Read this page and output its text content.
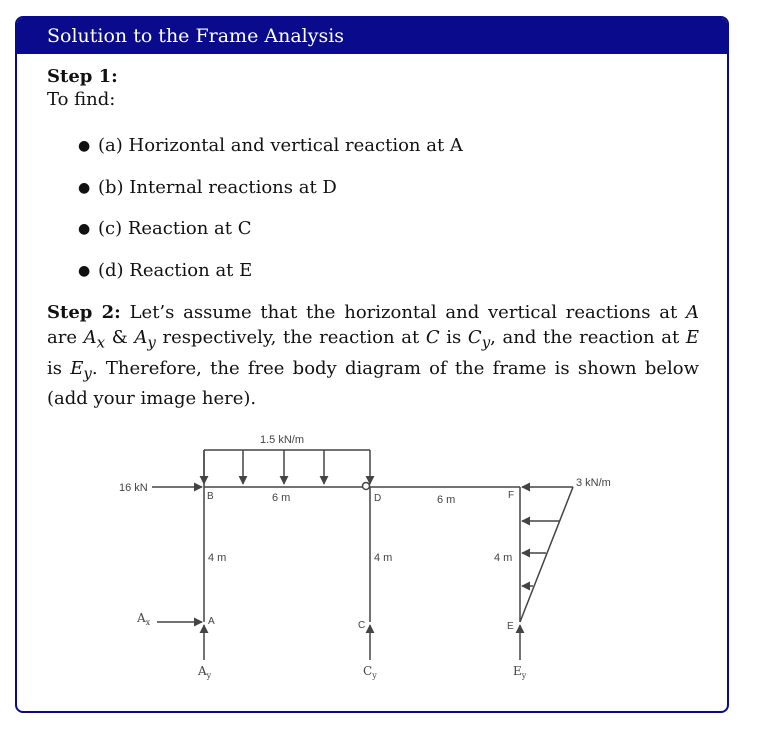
Solution to the Frame Analysis
Step 1:
To find:
● (a) Horizontal and vertical reaction at A
● (b) Internal reactions at D
● (c) Reaction at C
● (d) Reaction at E
Step 2: Let’s assume that the horizontal and vertical reactions at A are $A_x$ & $A_y$ respectively, the reaction at C is $C_y$, and the reaction at E is $E_y$. Therefore, the free body diagram of the frame is shown below (add your image here).
1.5 kN/m
16 kN	3 kN/m
6 m	6 m
4 m	4 m	4 m
B
A
D
C
F
E
$A_x$
$A_y$	$C_y$	$E_y$
